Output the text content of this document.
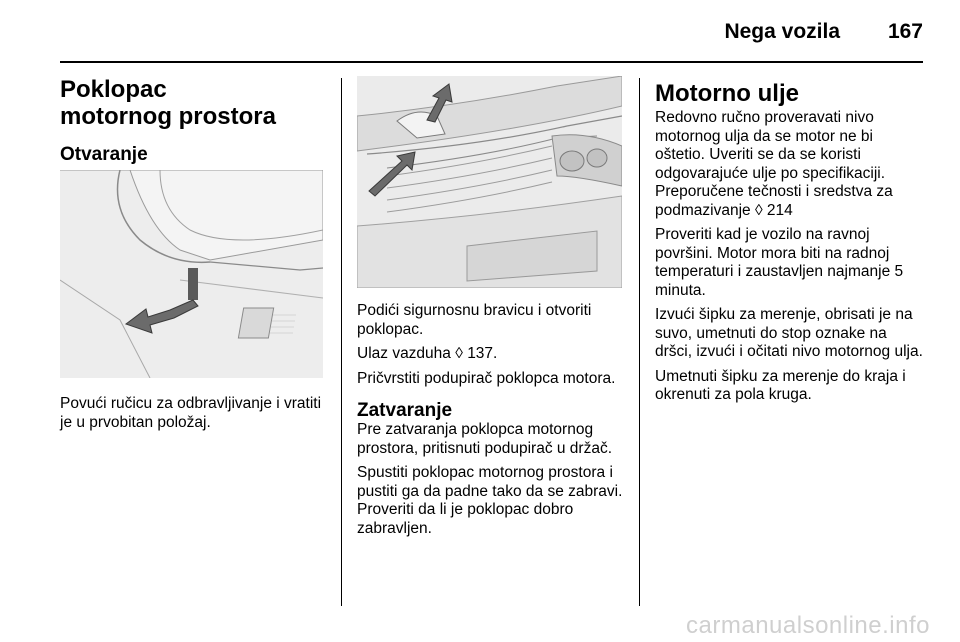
Nega vozila 167
Poklopac motornog prostora
Otvaranje

Povući ručicu za odbravljivanje i vratiti je u prvobitan položaj.

Podići sigurnosnu bravicu i otvoriti poklopac.

Ulaz vazduha ◊ 137.

Pričvrstiti podupirač poklopca motora.

Zatvaranje

Pre zatvaranja poklopca motornog prostora, pritisnuti podupirač u držač.

Spustiti poklopac motornog prostora i pustiti ga da padne tako da se zabravi. Proveriti da li je poklopac dobro zabravljen.

Motorno ulje

Redovno ručno proveravati nivo motornog ulja da se motor ne bi oštetio. Uveriti se da se koristi odgovarajuće ulje po specifikaciji. Preporučene tečnosti i sredstva za podmazivanje ◊ 214

Proveriti kad je vozilo na ravnoj površini. Motor mora biti na radnoj temperaturi i zaustavljen najmanje 5 minuta.

Izvući šipku za merenje, obrisati je na suvo, umetnuti do stop oznake na dršci, izvući i očitati nivo motornog ulja.

Umetnuti šipku za merenje do kraja i okrenuti za pola kruga.

carmanualsonline.info
